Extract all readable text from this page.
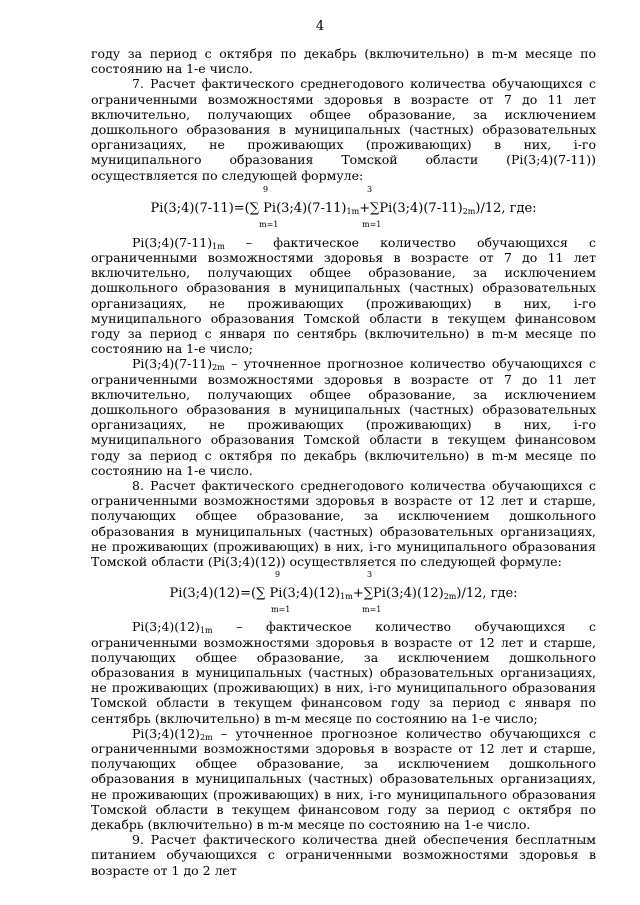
4

году за период с октября по декабрь (включительно) в m-м месяце по состоянию на 1-е число.

7. Расчет фактического среднегодового количества обучающихся с ограниченными возможностями здоровья в возрасте от 7 до 11 лет включительно, получающих общее образование, за исключением дошкольного образования в муниципальных (частных) образовательных организациях, не проживающих (проживающих) в них, i-го муниципального образования Томской области (Pi(3;4)(7-11)) осуществляется по следующей формуле:

9
m=1
3
m=1
Pi(3;4)(7-11)=(∑ $Pi(3;4)(7-11)_{1m}+\sum Pi(3;4)(7-11)_{2m})/12$, где:

$Pi(3;4)(7-11)_{1m}$ – фактическое количество обучающихся с ограниченными возможностями здоровья в возрасте от 7 до 11 лет включительно, получающих общее образование, за исключением дошкольного образования в муниципальных (частных) образовательных организациях, не проживающих (проживающих) в них, i-го муниципального образования Томской области в текущем финансовом году за период с января по сентябрь (включительно) в m-м месяце по состоянию на 1-е число;

$Pi(3;4)(7-11)_{2m}$ – уточненное прогнозное количество обучающихся с ограниченными возможностями здоровья в возрасте от 7 до 11 лет включительно, получающих общее образование, за исключением дошкольного образования в муниципальных (частных) образовательных организациях, не проживающих (проживающих) в них, i-го муниципального образования Томской области в текущем финансовом году за период с октября по декабрь (включительно) в m-м месяце по состоянию на 1-е число.

8. Расчет фактического среднегодового количества обучающихся с ограниченными возможностями здоровья в возрасте от 12 лет и старше, получающих общее образование, за исключением дошкольного образования в муниципальных (частных) образовательных организациях, не проживающих (проживающих) в них, i-го муниципального образования Томской области (Pi(3;4)(12)) осуществляется по следующей формуле:

9
m=1
3
m=1
Pi(3;4)(12)=(∑ $Pi(3;4)(12)_{1m}+\sum Pi(3;4)(12)_{2m})/12$, где:

$Pi(3;4)(12)_{1m}$ – фактическое количество обучающихся с ограниченными возможностями здоровья в возрасте от 12 лет и старше, получающих общее образование, за исключением дошкольного образования в муниципальных (частных) образовательных организациях, не проживающих (проживающих) в них, i-го муниципального образования Томской области в текущем финансовом году за период с января по сентябрь (включительно) в m-м месяце по состоянию на 1-е число;

$Pi(3;4)(12)_{2m}$ – уточненное прогнозное количество обучающихся с ограниченными возможностями здоровья в возрасте от 12 лет и старше, получающих общее образование, за исключением дошкольного образования в муниципальных (частных) образовательных организациях, не проживающих (проживающих) в них, i-го муниципального образования Томской области в текущем финансовом году за период с октября по декабрь (включительно) в m-м месяце по состоянию на 1-е число.

9. Расчет фактического количества дней обеспечения бесплатным питанием обучающихся с ограниченными возможностями здоровья в возрасте от 1 до 2 лет
